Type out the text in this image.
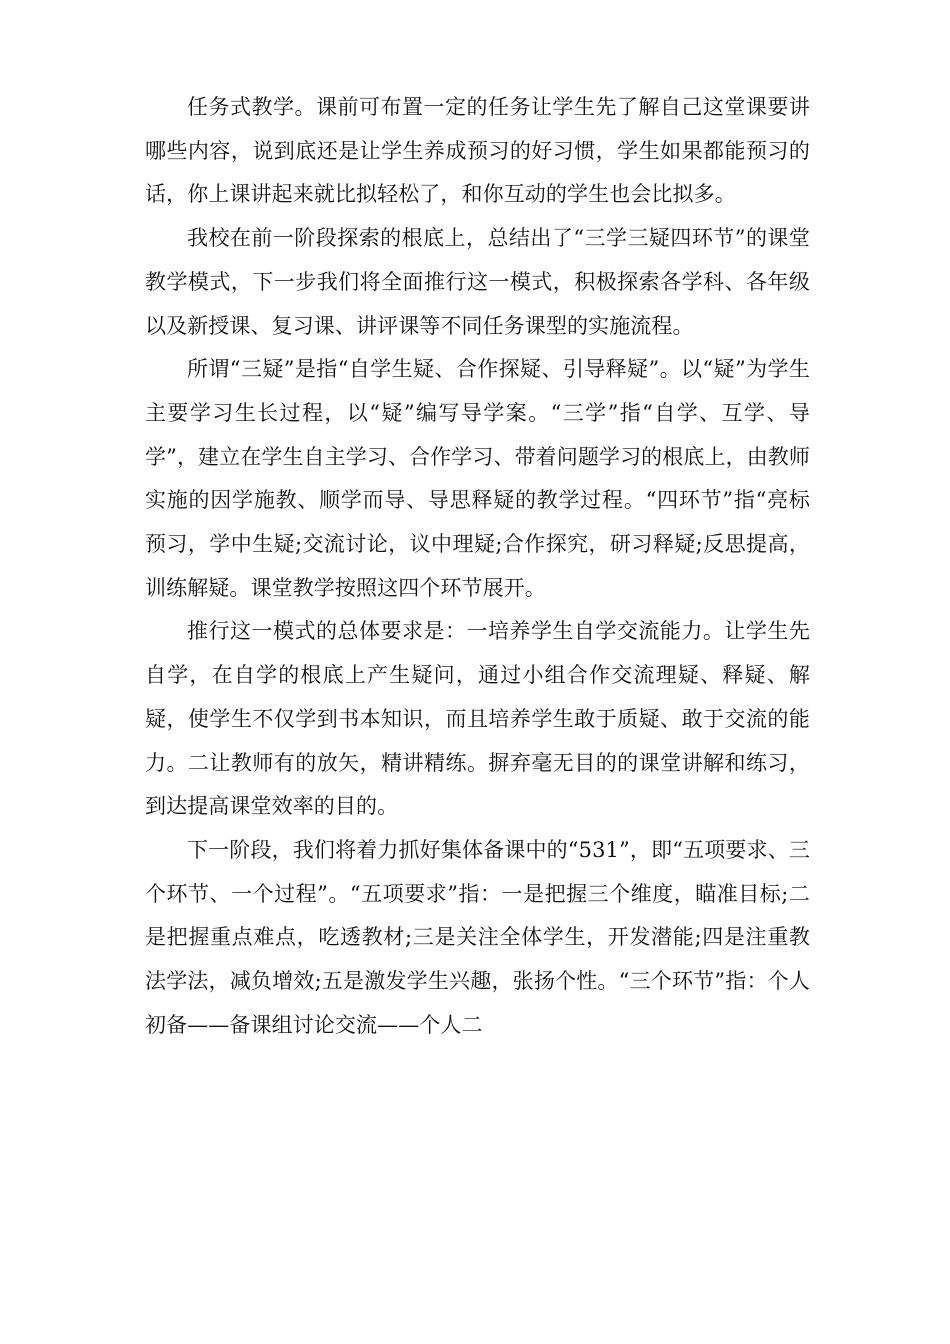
任务式教学。课前可布置一定的任务让学生先了解自己这堂课要讲哪些内容，说到底还是让学生养成预习的好习惯，学生如果都能预习的话，你上课讲起来就比拟轻松了，和你互动的学生也会比拟多。

我校在前一阶段探索的根底上，总结出了“三学三疑四环节”的课堂教学模式，下一步我们将全面推行这一模式，积极探索各学科、各年级以及新授课、复习课、讲评课等不同任务课型的实施流程。

所谓“三疑”是指“自学生疑、合作探疑、引导释疑”。以“疑”为学生主要学习生长过程，以“疑”编写导学案。“三学”指“自学、互学、导学”，建立在学生自主学习、合作学习、带着问题学习的根底上，由教师实施的因学施教、顺学而导、导思释疑的教学过程。“四环节”指“亮标预习，学中生疑;交流讨论，议中理疑;合作探究，研习释疑;反思提高，训练解疑。课堂教学按照这四个环节展开。

推行这一模式的总体要求是：一培养学生自学交流能力。让学生先自学，在自学的根底上产生疑问，通过小组合作交流理疑、释疑、解疑，使学生不仅学到书本知识，而且培养学生敢于质疑、敢于交流的能力。二让教师有的放矢，精讲精练。摒弃毫无目的的课堂讲解和练习，到达提高课堂效率的目的。

下一阶段，我们将着力抓好集体备课中的“531”，即“五项要求、三个环节、一个过程”。“五项要求”指：一是把握三个维度，瞄准目标;二是把握重点难点，吃透教材;三是关注全体学生，开发潜能;四是注重教法学法，减负增效;五是激发学生兴趣，张扬个性。“三个环节”指：个人初备——备课组讨论交流——个人二
